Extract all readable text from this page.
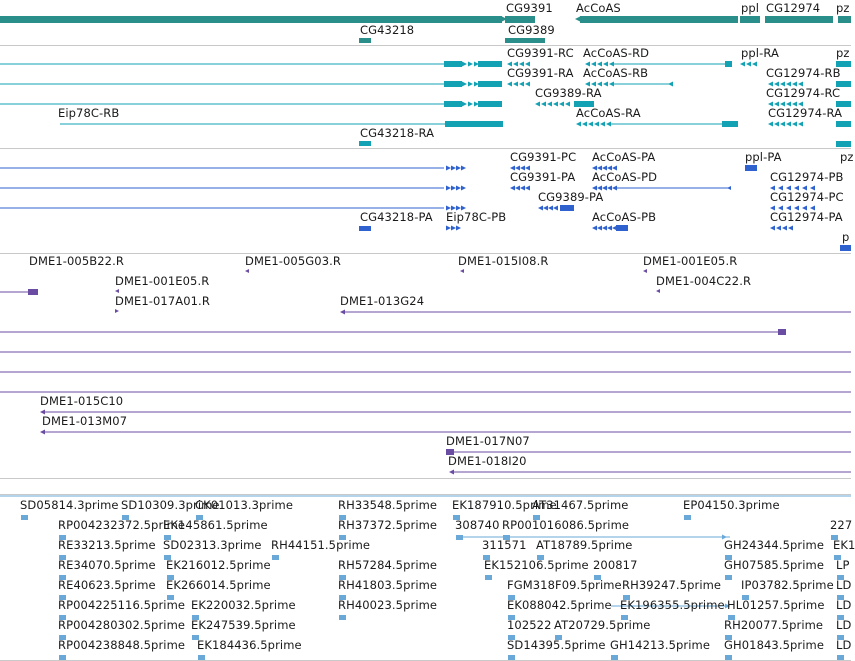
CG9391 AcCoAS	ppl CG12974 pz
CG43218	CG9389
CG9391-RC AcCoAS-RD	ppl-RA	pz
CG9391-RA AcCoAS-RB	CG12974-RB
CG9389-RA	CG12974-RC
Eip78C-RB	AcCoAS-RA	CG12974-RA
CG43218-RA
CG9391-PC AcCoAS-PA	ppl-PA	pz
CG9391-PA AcCoAS-PD	CG12974-PB
CG9389-PA	CG12974-PC
CG43218-PA Eip78C-PB	AcCoAS-PB	CG12974-PA
p
DME1-005B22.R
DME1-001E05.R
DME1-005G03.R	DME1-015I08.R	DME1-001E05.R
DME1-004C22.R
DME1-017A01.R	DME1-013G24
DME1-015C10
DME1-013M07
DME1-017N07
DME1-018I20
SD05814.3prime SD10309.3prime
CK01013.3prime	RH33548.5prime EK187910.5prime
AT31467.5prime	EP04150.3prime
RP004232372.5prime
EK145861.5prime	RH37372.5prime 308740 RP001016086.5prime	227
RE33213.5prime SD02313.3prime RH44151.5prime	311571 AT18789.5prime	GH24344.5prime EK1
RE34070.5prime EK216012.5prime	RH57284.5prime	EK152106.5prime 200817	GH07585.5prime LP
RE40623.5prime EK266014.5prime	RH41803.5prime	FGM318F09.5prime RH39247.5prime IP03782.5prime LD
RP004225116.5prime EK220032.5prime	RH40023.5prime	EK088042.5prime EK196355.5prime HL01257.5prime LD
RP004280302.5prime EK247539.5prime	102522 AT20729.5prime	RH20077.5prime LD
RP004238848.5prime EK184436.5prime	SD14395.5prime GH14213.5prime GH01843.5prime LD
